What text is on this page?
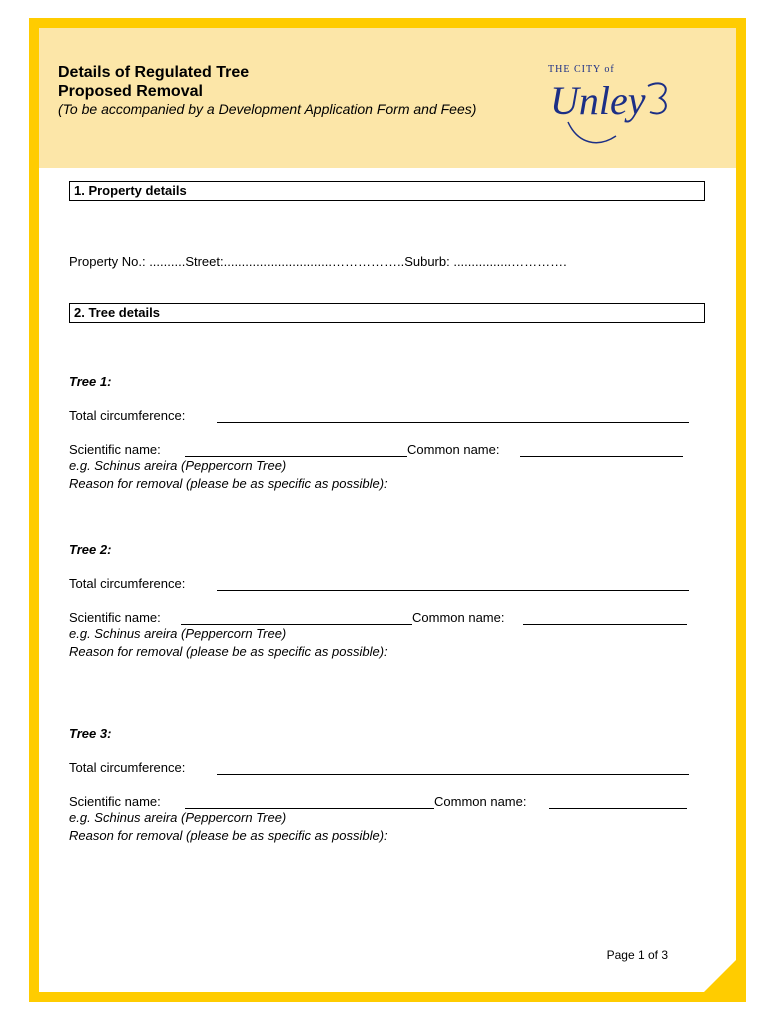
Details of Regulated Tree
Proposed Removal
(To be accompanied by a Development Application Form and Fees)
THE CITY of
Unley
1. Property details
Property No.: ..........Street:..............................……………..Suburb: ................………….
2. Tree details
Tree 1:
Total circumference:
Scientific name:	Common name:
e.g. Schinus areira (Peppercorn Tree)
Reason for removal (please be as specific as possible):
Tree 2:
Total circumference:
Scientific name:	Common name:
e.g. Schinus areira (Peppercorn Tree)
Reason for removal (please be as specific as possible):
Tree 3:
Total circumference:
Scientific name:	Common name:
e.g. Schinus areira (Peppercorn Tree)
Reason for removal (please be as specific as possible):
Page 1 of 3
